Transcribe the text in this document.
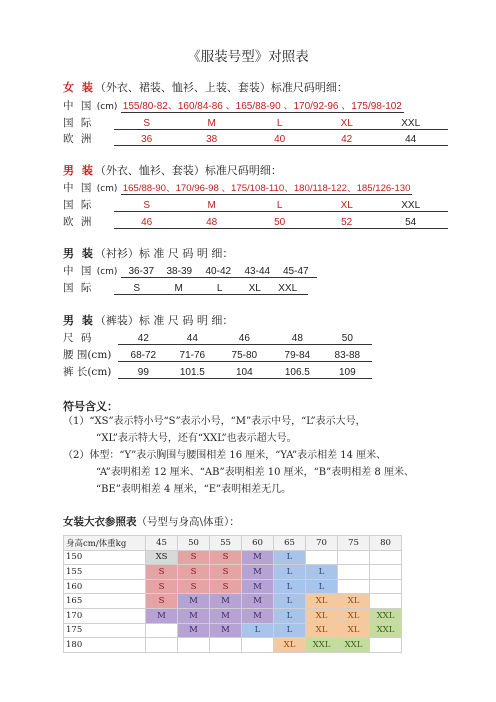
《服装号型》对照表
女 装（外衣、裙装、恤衫、上装、套装）标准尺码明细：
中 国 (cm) 155/80-82、160/84-86 、165/88-90 、170/92-96 、175/98-102
国 际	S	M	L	XL	XXL
欧 洲	36	38	40	42	44
男 装（外衣、恤衫、套装）标准尺码明细：
中 国 (cm) 165/88-90、170/96-98 、175/108-110、180/118-122、185/126-130
国 际	S	M	L	XL	XXL
欧 洲	46	48	50	52	54
男 装（衬衫）标 准 尺 码 明 细：
中 国 (cm) 36-37 38-39 40-42 43-44 45-47
国 际	S	M	L	XL XXL
男 装（裤装）标 准 尺 码 明 细：
尺 码	42	44	46	48	50
腰 围(cm) 68-72 71-76	75-80	79-84 83-88
裤 长(cm)	99	101.5	104	106.5	109
符号含义：
（1）“XS”表示特小号“S”表示小号，“M”表示中号，“L”表示大号，
“XL”表示特大号，还有“XXL”也表示超大号。
（2）体型：“Y”表示胸围与腰围相差 16 厘米，“YA”表示相差 14 厘米、
“A”表明相差 12 厘米、“AB”表明相差 10 厘米，“B”表明相差 8 厘米、
“BE”表明相差 4 厘米，“E”表明相差无几。
女装大衣参照表（号型与身高\体重）：
身高cm/体重kg	45	50	55	60	65	70	75	80
150	XS	S	S	M	L			
155	S	S	S	M	L	L		
160	S	S	S	M	L	L		
165	S	M	M	M	L	XL	XL	
170	M	M	M	M	L	XL	XL	XXL
175		M	M	L	L	XL	XL	XXL
180					XL	XXL	XXL	
